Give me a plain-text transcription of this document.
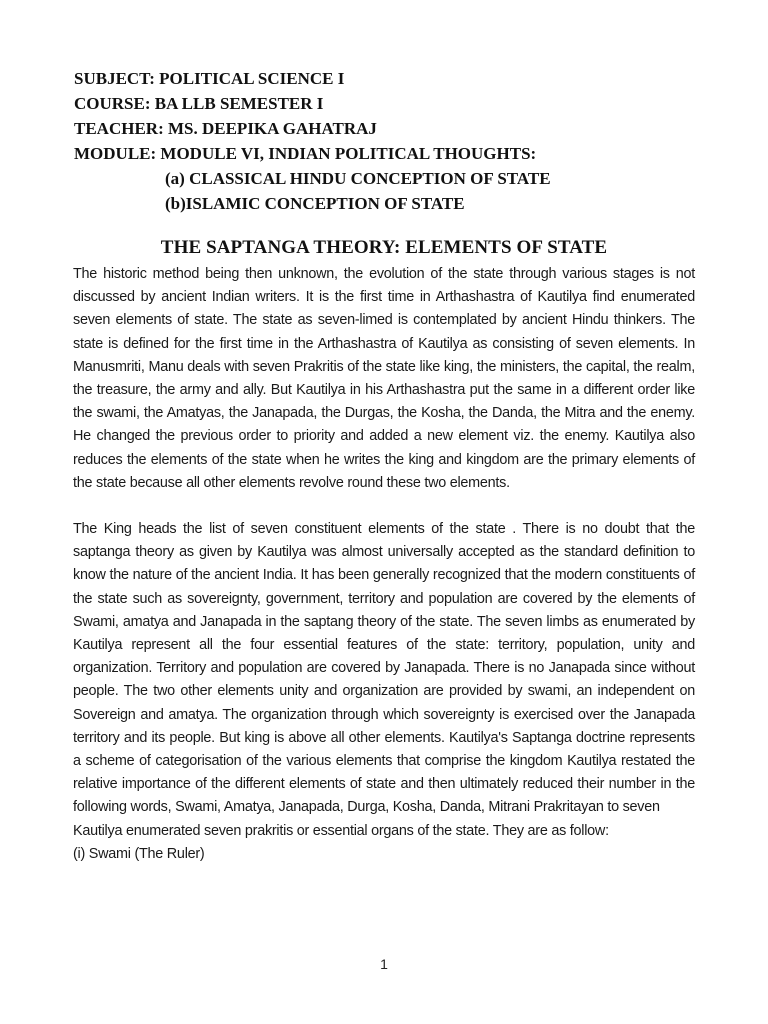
SUBJECT: POLITICAL SCIENCE I
COURSE: BA LLB SEMESTER I
TEACHER: MS. DEEPIKA GAHATRAJ
MODULE: MODULE VI, INDIAN POLITICAL THOUGHTS:
(a) CLASSICAL HINDU CONCEPTION OF STATE
(b)ISLAMIC CONCEPTION OF STATE
THE SAPTANGA THEORY: ELEMENTS OF STATE

The historic method being then unknown, the evolution of the state through various stages is not discussed by ancient Indian writers. It is the first time in Arthashastra of Kautilya find enumerated seven elements of state. The state as seven-limed is contemplated by ancient Hindu thinkers. The state is defined for the first time in the Arthashastra of Kautilya as consisting of seven elements. In Manusmriti, Manu deals with seven Prakritis of the state like king, the ministers, the capital, the realm, the treasure, the army and ally. But Kautilya in his Arthashastra put the same in a different order like the swami, the Amatyas, the Janapada, the Durgas, the Kosha, the Danda, the Mitra and the enemy. He changed the previous order to priority and added a new element viz. the enemy. Kautilya also reduces the elements of the state when he writes the king and kingdom are the primary elements of the state because all other elements revolve round these two elements.

The King heads the list of seven constituent elements of the state . There is no doubt that the saptanga theory as given by Kautilya was almost universally accepted as the standard definition to know the nature of the ancient India. It has been generally recognized that the modern constituents of the state such as sovereignty, government, territory and population are covered by the elements of Swami, amatya and Janapada in the saptang theory of the state. The seven limbs as enumerated by Kautilya represent all the four essential features of the state: territory, population, unity and organization. Territory and population are covered by Janapada. There is no Janapada since without people. The two other elements unity and organization are provided by swami, an independent on Sovereign and amatya. The organization through which sovereignty is exercised over the Janapada territory and its people. But king is above all other elements. Kautilya's Saptanga doctrine represents a scheme of categorisation of the various elements that comprise the kingdom Kautilya restated the relative importance of the different elements of state and then ultimately reduced their number in the following words, Swami, Amatya, Janapada, Durga, Kosha, Danda, Mitrani Prakritayan to seven

Kautilya enumerated seven prakritis or essential organs of the state. They are as follow:

(i) Swami (The Ruler)

1
